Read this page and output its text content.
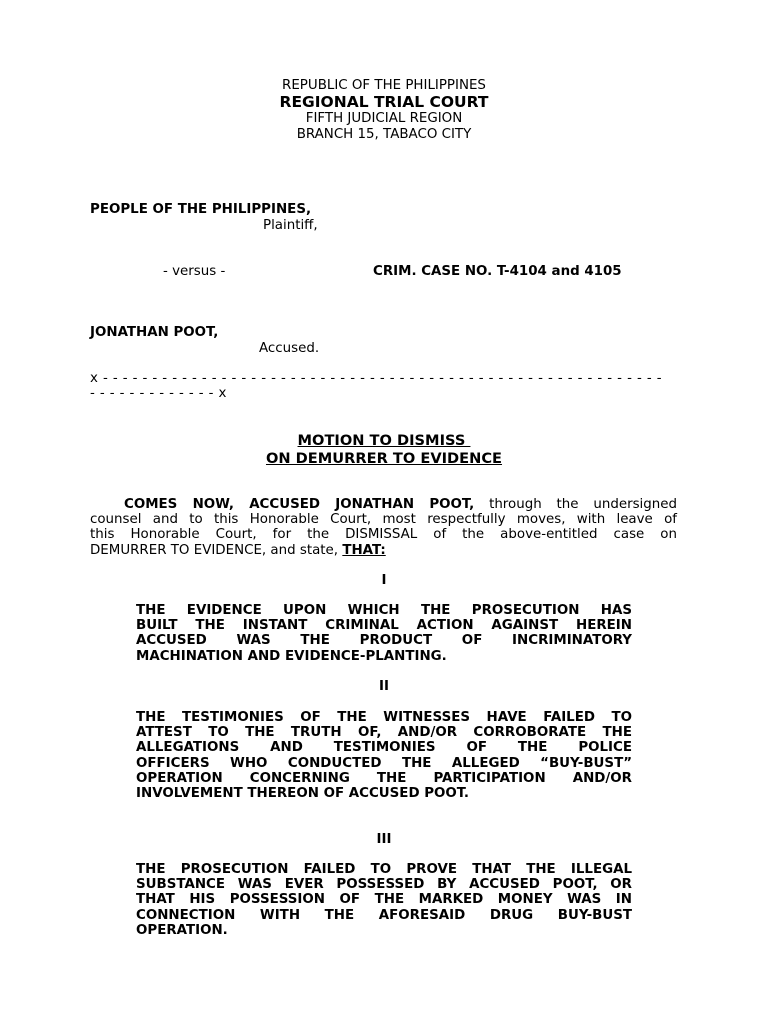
REPUBLIC OF THE PHILIPPINES
REGIONAL TRIAL COURT
FIFTH JUDICIAL REGION
BRANCH 15, TABACO CITY
PEOPLE OF THE PHILIPPINES,
Plaintiff,
- versus -	CRIM. CASE NO. T-4104 and 4105
JONATHAN POOT,
Accused.
x - - - - - - - - - - - - - - - - - - - - - - - - - - - - - - - - - - - - - - - - - - - - - - - - - - - - - - - - -
- - - - - - - - - - - - - x
MOTION TO DISMISS
ON DEMURRER TO EVIDENCE
COMES NOW, ACCUSED JONATHAN POOT, through the undersigned
counsel and to this Honorable Court, most respectfully moves, with leave of
this Honorable Court, for the DISMISSAL of the above-entitled case on
DEMURRER TO EVIDENCE, and state, THAT:
I
THE EVIDENCE UPON WHICH THE PROSECUTION HAS
BUILT THE INSTANT CRIMINAL ACTION AGAINST HEREIN
ACCUSED WAS THE PRODUCT OF INCRIMINATORY
MACHINATION AND EVIDENCE-PLANTING.
II
THE TESTIMONIES OF THE WITNESSES HAVE FAILED TO
ATTEST TO THE TRUTH OF, AND/OR CORROBORATE THE
ALLEGATIONS AND TESTIMONIES OF THE POLICE
OFFICERS WHO CONDUCTED THE ALLEGED “BUY-BUST”
OPERATION CONCERNING THE PARTICIPATION AND/OR
INVOLVEMENT THEREON OF ACCUSED POOT.
III
THE PROSECUTION FAILED TO PROVE THAT THE ILLEGAL
SUBSTANCE WAS EVER POSSESSED BY ACCUSED POOT, OR
THAT HIS POSSESSION OF THE MARKED MONEY WAS IN
CONNECTION WITH THE AFORESAID DRUG BUY-BUST
OPERATION.
